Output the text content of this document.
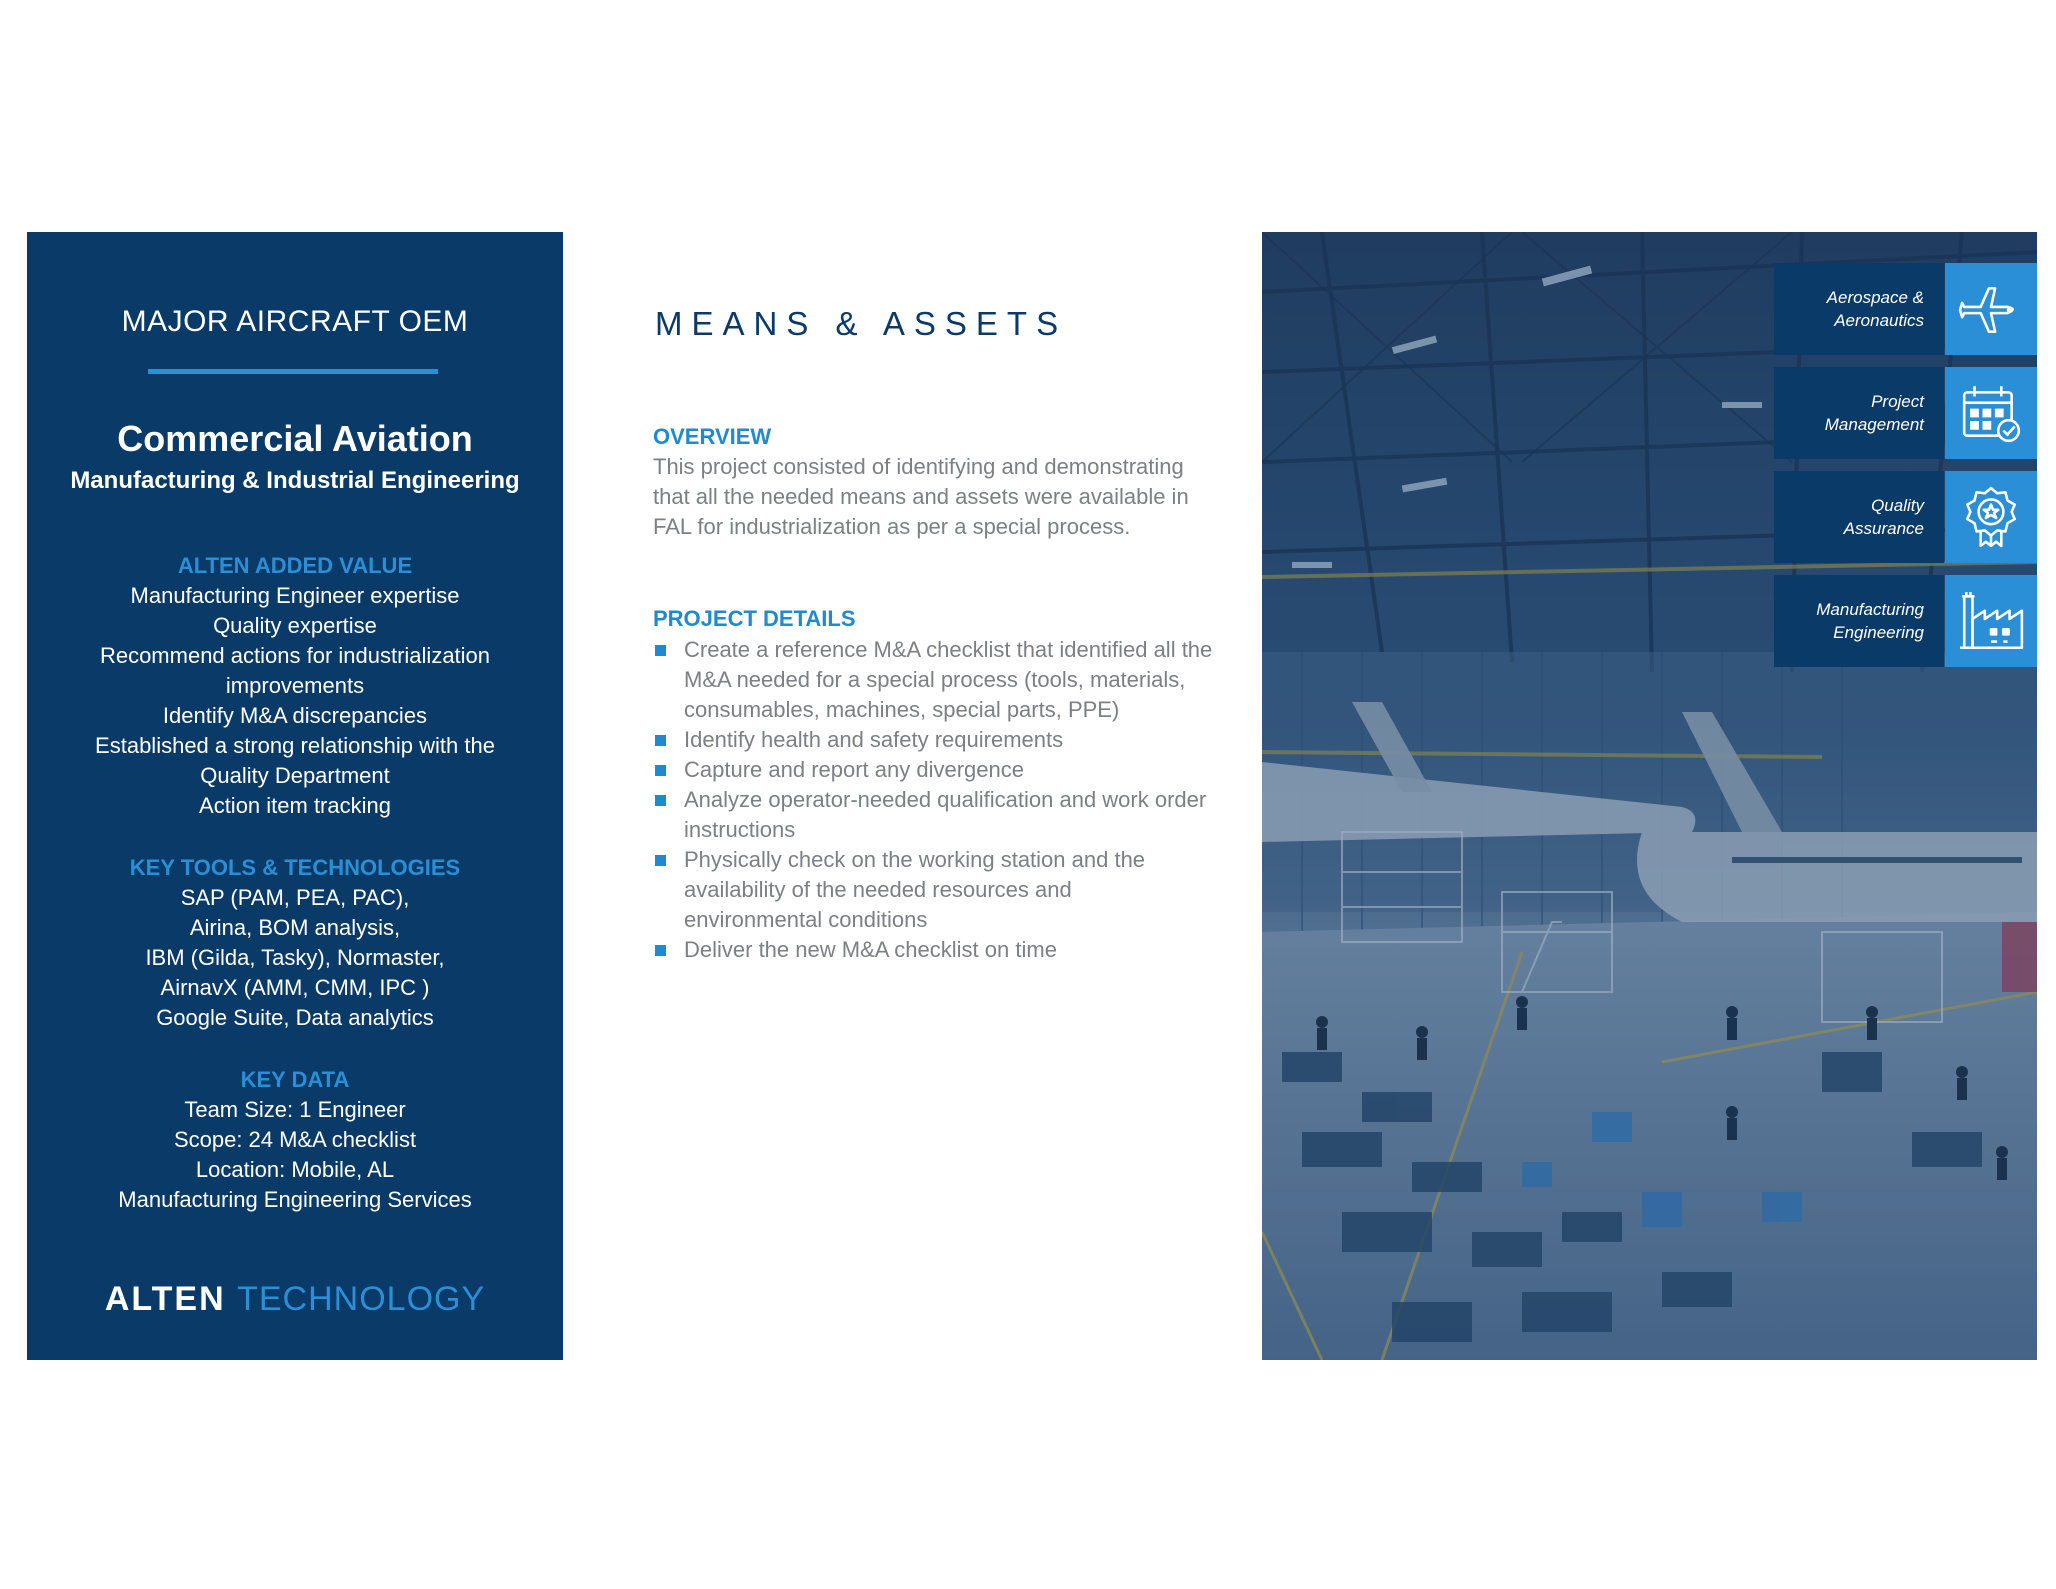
MAJOR AIRCRAFT OEM
Commercial Aviation
Manufacturing & Industrial Engineering
ALTEN ADDED VALUE
Manufacturing Engineer expertise
Quality expertise
Recommend actions for industrialization improvements
Identify M&A discrepancies
Established a strong relationship with the Quality Department
Action item tracking
KEY TOOLS & TECHNOLOGIES
SAP (PAM, PEA, PAC),
Airina, BOM analysis,
IBM (Gilda, Tasky), Normaster,
AirnavX (AMM, CMM, IPC )
Google Suite, Data analytics
KEY DATA
Team Size: 1 Engineer
Scope: 24 M&A checklist
Location: Mobile, AL
Manufacturing Engineering Services
ALTEN TECHNOLOGY
MEANS & ASSETS
OVERVIEW
This project consisted of identifying and demonstrating that all the needed means and assets were available in FAL for industrialization as per a special process.
PROJECT DETAILS
Create a reference M&A checklist that identified all the M&A needed for a special process (tools, materials, consumables, machines, special parts, PPE)
Identify health and safety requirements
Capture and report any divergence
Analyze operator-needed qualification and work order instructions
Physically check on the working station and the availability of the needed resources and environmental conditions
Deliver the new M&A checklist on time
Aerospace &
Aeronautics
Project
Management
Quality
Assurance
Manufacturing
Engineering
